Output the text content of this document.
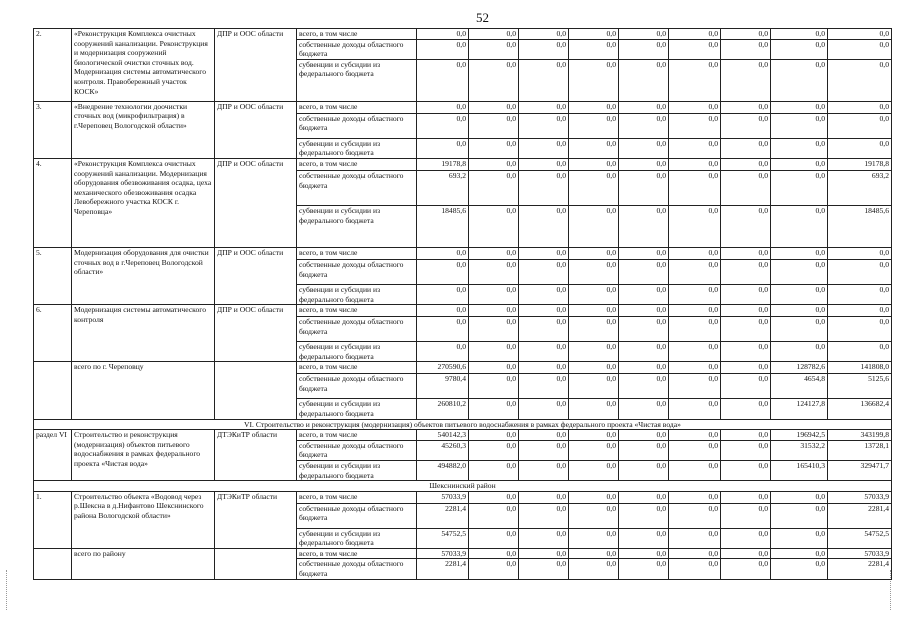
52
2.	«Реконструкция Комплекса очистных сооружений канализации. Реконструкция и модернизация сооружений биологической очистки сточных вод. Модернизация системы автоматического контроля. Правобережный участок КОСК»	ДПР и ООС области	всего, в том числе	0,0	0,0	0,0	0,0	0,0	0,0	0,0	0,0	0,0
			собственные доходы областного бюджета	0,0	0,0	0,0	0,0	0,0	0,0	0,0	0,0	0,0
			субвенции и субсидии из федерального бюджета	0,0	0,0	0,0	0,0	0,0	0,0	0,0	0,0	0,0
3.	«Внедрение технологии доочистки сточных вод (микрофильтрация) в г.Череповец Вологодской области»	ДПР и ООС области	всего, в том числе	0,0	0,0	0,0	0,0	0,0	0,0	0,0	0,0	0,0
			собственные доходы областного бюджета	0,0	0,0	0,0	0,0	0,0	0,0	0,0	0,0	0,0
			субвенции и субсидии из федерального бюджета	0,0	0,0	0,0	0,0	0,0	0,0	0,0	0,0	0,0
4.	«Реконструкция Комплекса очистных сооружений канализации. Модернизация оборудования обезвоживания осадка, цеха механического обезвоживания осадка Левобережного участка КОСК г. Череповца»	ДПР и ООС области	всего, в том числе	19178,8	0,0	0,0	0,0	0,0	0,0	0,0	0,0	19178,8
			собственные доходы областного бюджета	693,2	0,0	0,0	0,0	0,0	0,0	0,0	0,0	693,2
			субвенции и субсидии из федерального бюджета	18485,6	0,0	0,0	0,0	0,0	0,0	0,0	0,0	18485,6
5.	Модернизация оборудования для очистки сточных вод в г.Череповец Вологодской области»	ДПР и ООС области	всего, в том числе	0,0	0,0	0,0	0,0	0,0	0,0	0,0	0,0	0,0
			собственные доходы областного бюджета	0,0	0,0	0,0	0,0	0,0	0,0	0,0	0,0	0,0
			субвенции и субсидии из федерального бюджета	0,0	0,0	0,0	0,0	0,0	0,0	0,0	0,0	0,0
6.	Модернизация системы автоматического контроля	ДПР и ООС области	всего, в том числе	0,0	0,0	0,0	0,0	0,0	0,0	0,0	0,0	0,0
			собственные доходы областного бюджета	0,0	0,0	0,0	0,0	0,0	0,0	0,0	0,0	0,0
			субвенции и субсидии из федерального бюджета	0,0	0,0	0,0	0,0	0,0	0,0	0,0	0,0	0,0
	всего по г. Череповцу		всего, в том числе	270590,6	0,0	0,0	0,0	0,0	0,0	0,0	128782,6	141808,0
			собственные доходы областного бюджета	9780,4	0,0	0,0	0,0	0,0	0,0	0,0	4654,8	5125,6
			субвенции и субсидии из федерального бюджета	260810,2	0,0	0,0	0,0	0,0	0,0	0,0	124127,8	136682,4
VI. Строительство и реконструкция (модернизация) объектов питьевого водоснабжения в рамках федерального проекта «Чистая вода»												
раздел VI	Строительство и реконструкция (модернизация) объектов питьевого водоснабжения в рамках федерального проекта «Чистая вода»	ДТЭКиТР области	всего, в том числе	540142,3	0,0	0,0	0,0	0,0	0,0	0,0	196942,5	343199,8
			собственные доходы областного бюджета	45260,3	0,0	0,0	0,0	0,0	0,0	0,0	31532,2	13728,1
			субвенции и субсидии из федерального бюджета	494882,0	0,0	0,0	0,0	0,0	0,0	0,0	165410,3	329471,7
Шекснинский район												
1.	Строительство объекта «Водовод через р.Шексна в д.Нифантово Шекснинского района Вологодской области»	ДТЭКиТР области	всего, в том числе	57033,9	0,0	0,0	0,0	0,0	0,0	0,0	0,0	57033,9
			собственные доходы областного бюджета	2281,4	0,0	0,0	0,0	0,0	0,0	0,0	0,0	2281,4
			субвенции и субсидии из федерального бюджета	54752,5	0,0	0,0	0,0	0,0	0,0	0,0	0,0	54752,5
	всего по району		всего, в том числе	57033,9	0,0	0,0	0,0	0,0	0,0	0,0	0,0	57033,9
			собственные доходы областного бюджета	2281,4	0,0	0,0	0,0	0,0	0,0	0,0	0,0	2281,4
